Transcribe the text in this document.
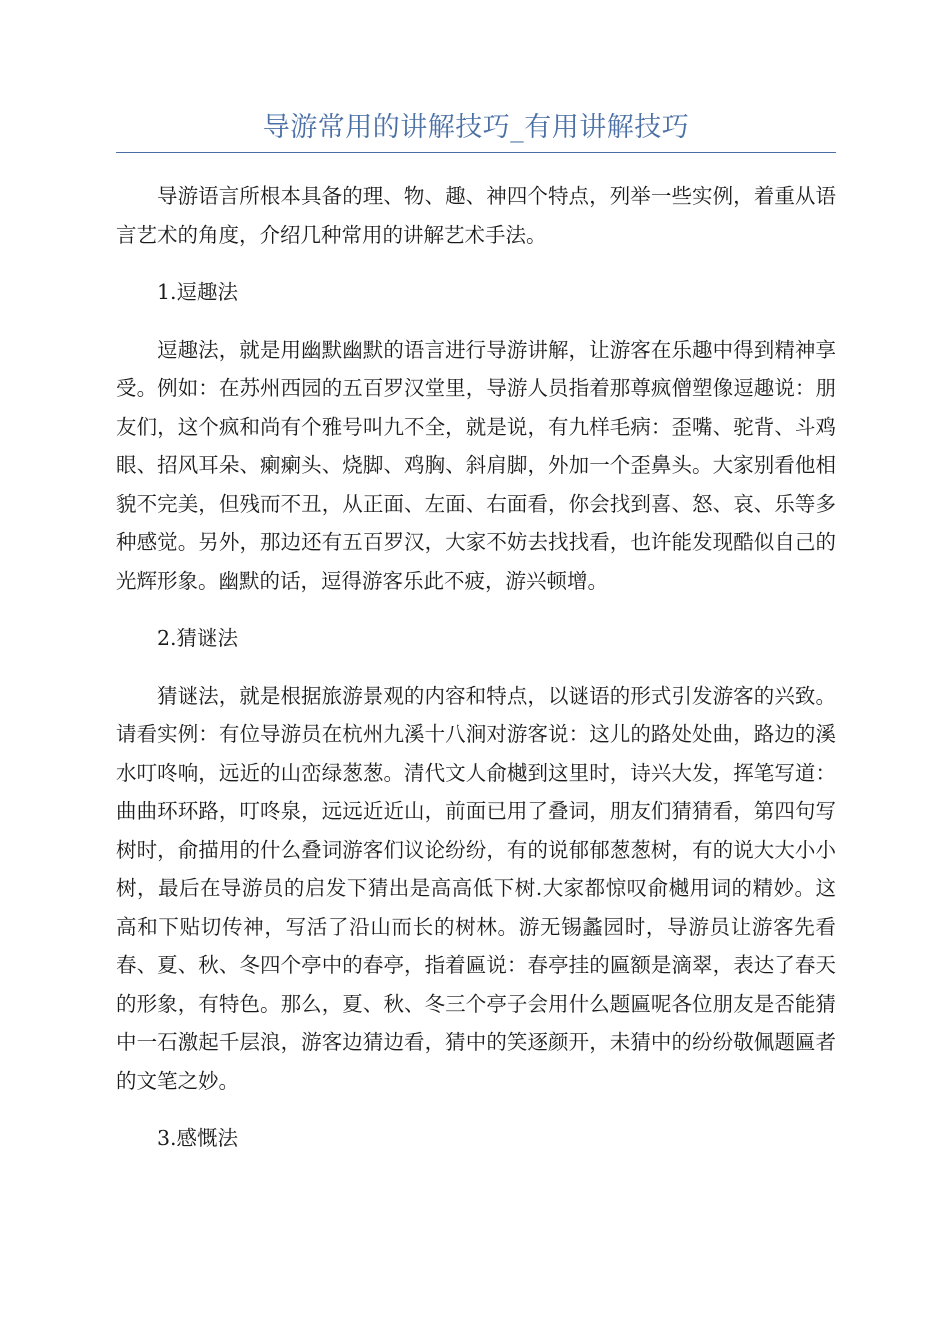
导游常用的讲解技巧_有用讲解技巧

导游语言所根本具备的理、物、趣、神四个特点，列举一些实例，着重从语言艺术的角度，介绍几种常用的讲解艺术手法。

1.逗趣法

逗趣法，就是用幽默幽默的语言进行导游讲解，让游客在乐趣中得到精神享受。例如：在苏州西园的五百罗汉堂里，导游人员指着那尊疯僧塑像逗趣说：朋友们，这个疯和尚有个雅号叫九不全，就是说，有九样毛病：歪嘴、驼背、斗鸡眼、招风耳朵、瘌瘌头、烧脚、鸡胸、斜肩脚，外加一个歪鼻头。大家别看他相貌不完美，但残而不丑，从正面、左面、右面看，你会找到喜、怒、哀、乐等多种感觉。另外，那边还有五百罗汉，大家不妨去找找看，也许能发现酷似自己的光辉形象。幽默的话，逗得游客乐此不疲，游兴顿增。

2.猜谜法

猜谜法，就是根据旅游景观的内容和特点，以谜语的形式引发游客的兴致。请看实例：有位导游员在杭州九溪十八涧对游客说：这儿的路处处曲，路边的溪水叮咚响，远近的山峦绿葱葱。清代文人俞樾到这里时，诗兴大发，挥笔写道：曲曲环环路，叮咚泉，远远近近山，前面已用了叠词，朋友们猜猜看，第四句写树时，俞描用的什么叠词游客们议论纷纷，有的说郁郁葱葱树，有的说大大小小树，最后在导游员的启发下猜出是高高低下树.大家都惊叹俞樾用词的精妙。这高和下贴切传神，写活了沿山而长的树林。游无锡蠡园时，导游员让游客先看春、夏、秋、冬四个亭中的春亭，指着匾说：春亭挂的匾额是滴翠，表达了春天的形象，有特色。那么，夏、秋、冬三个亭子会用什么题匾呢各位朋友是否能猜中一石激起千层浪，游客边猜边看，猜中的笑逐颜开，未猜中的纷纷敬佩题匾者的文笔之妙。

3.感慨法
